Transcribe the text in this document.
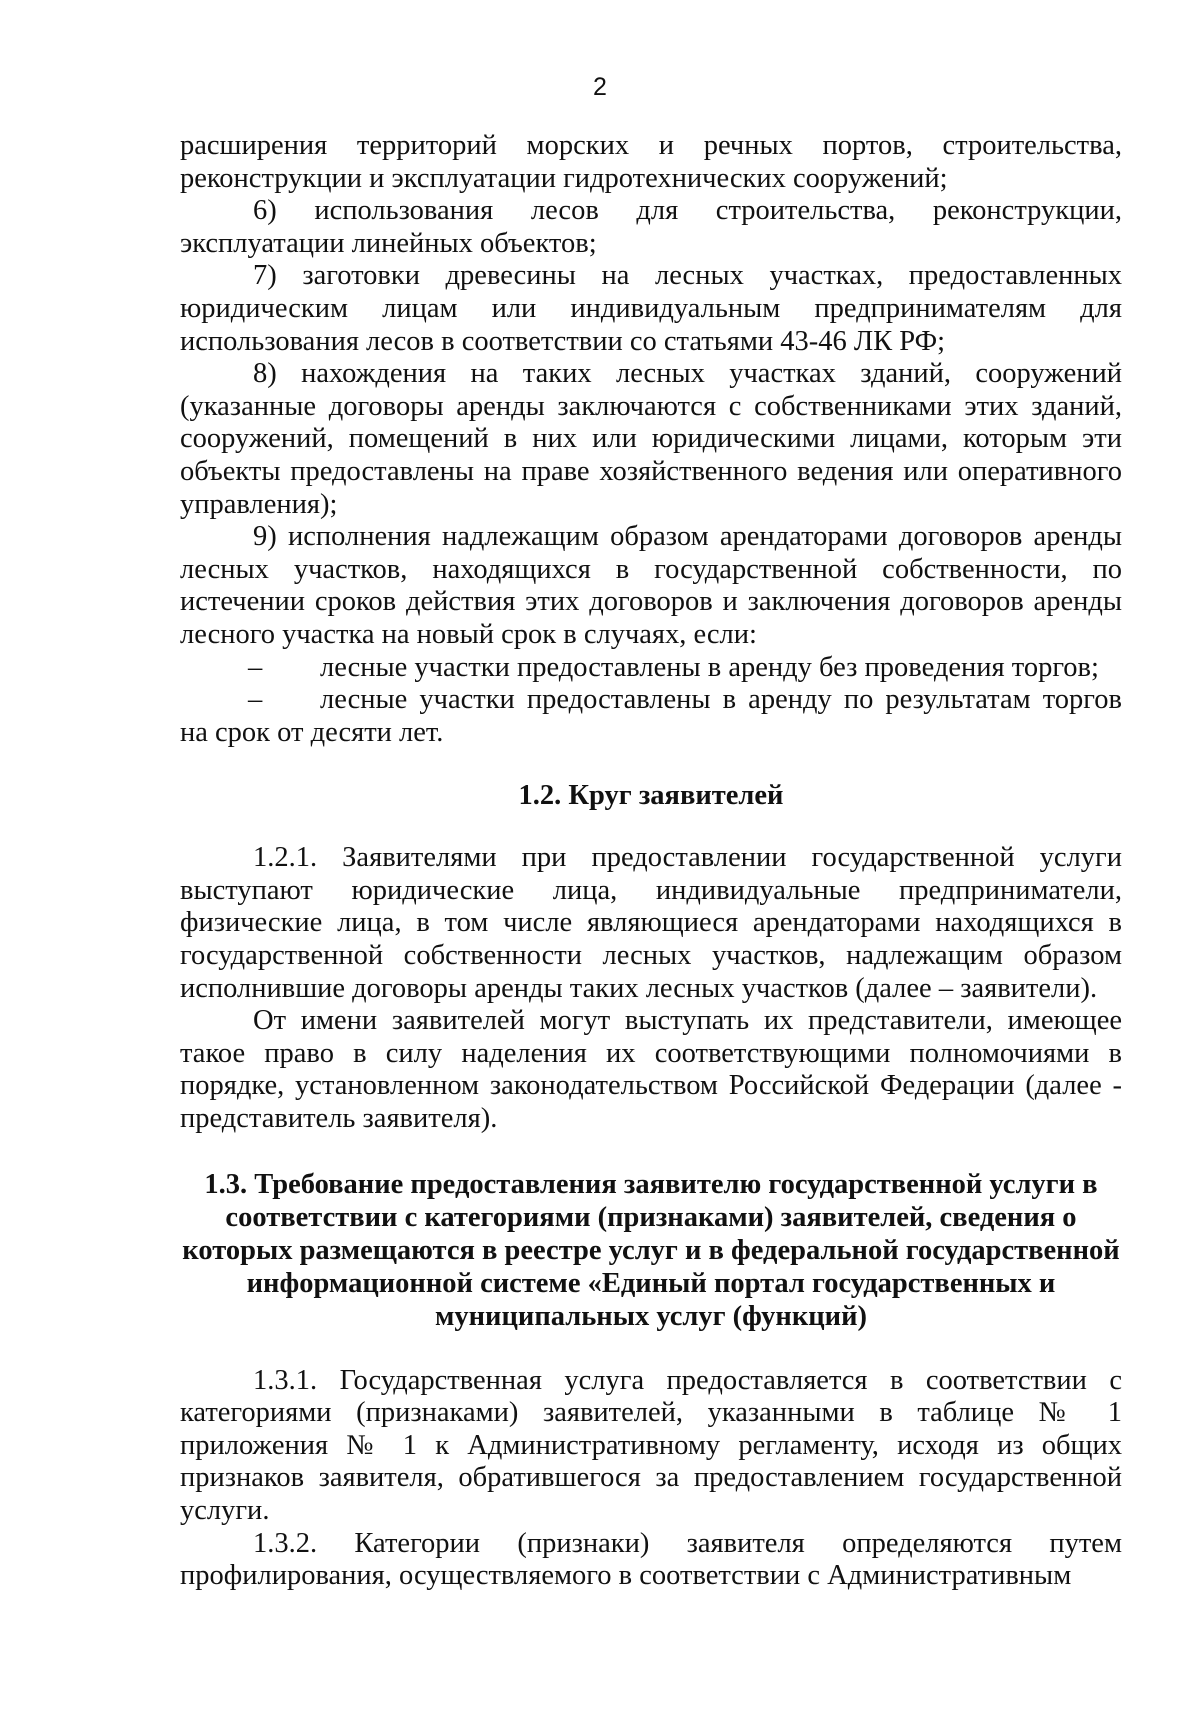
2

расширения территорий морских и речных портов, строительства, реконструкции и эксплуатации гидротехнических сооружений;

6) использования лесов для строительства, реконструкции, эксплуатации линейных объектов;

7) заготовки древесины на лесных участках, предоставленных юридическим лицам или индивидуальным предпринимателям для использования лесов в соответствии со статьями 43-46 ЛК РФ;

8) нахождения на таких лесных участках зданий, сооружений (указанные договоры аренды заключаются с собственниками этих зданий, сооружений, помещений в них или юридическими лицами, которым эти объекты предоставлены на праве хозяйственного ведения или оперативного управления);

9) исполнения надлежащим образом арендаторами договоров аренды лесных участков, находящихся в государственной собственности, по истечении сроков действия этих договоров и заключения договоров аренды лесного участка на новый срок в случаях, если:

–	лесные участки предоставлены в аренду без проведения торгов;
–	лесные участки предоставлены в аренду по результатам торгов на срок от десяти лет.
1.2. Круг заявителей

1.2.1. Заявителями при предоставлении государственной услуги выступают юридические лица, индивидуальные предприниматели, физические лица, в том числе являющиеся арендаторами находящихся в государственной собственности лесных участков, надлежащим образом исполнившие договоры аренды таких лесных участков (далее – заявители).

От имени заявителей могут выступать их представители, имеющее такое право в силу наделения их соответствующими полномочиями в порядке, установленном законодательством Российской Федерации (далее - представитель заявителя).

1.3. Требование предоставления заявителю государственной услуги в соответствии с категориями (признаками) заявителей, сведения о которых размещаются в реестре услуг и в федеральной государственной информационной системе «Единый портал государственных и муниципальных услуг (функций)

1.3.1. Государственная услуга предоставляется в соответствии с категориями (признаками) заявителей, указанными в таблице № 1 приложения № 1 к Административному регламенту, исходя из общих признаков заявителя, обратившегося за предоставлением государственной услуги.

1.3.2. Категории (признаки) заявителя определяются путем профилирования, осуществляемого в соответствии с Административным
